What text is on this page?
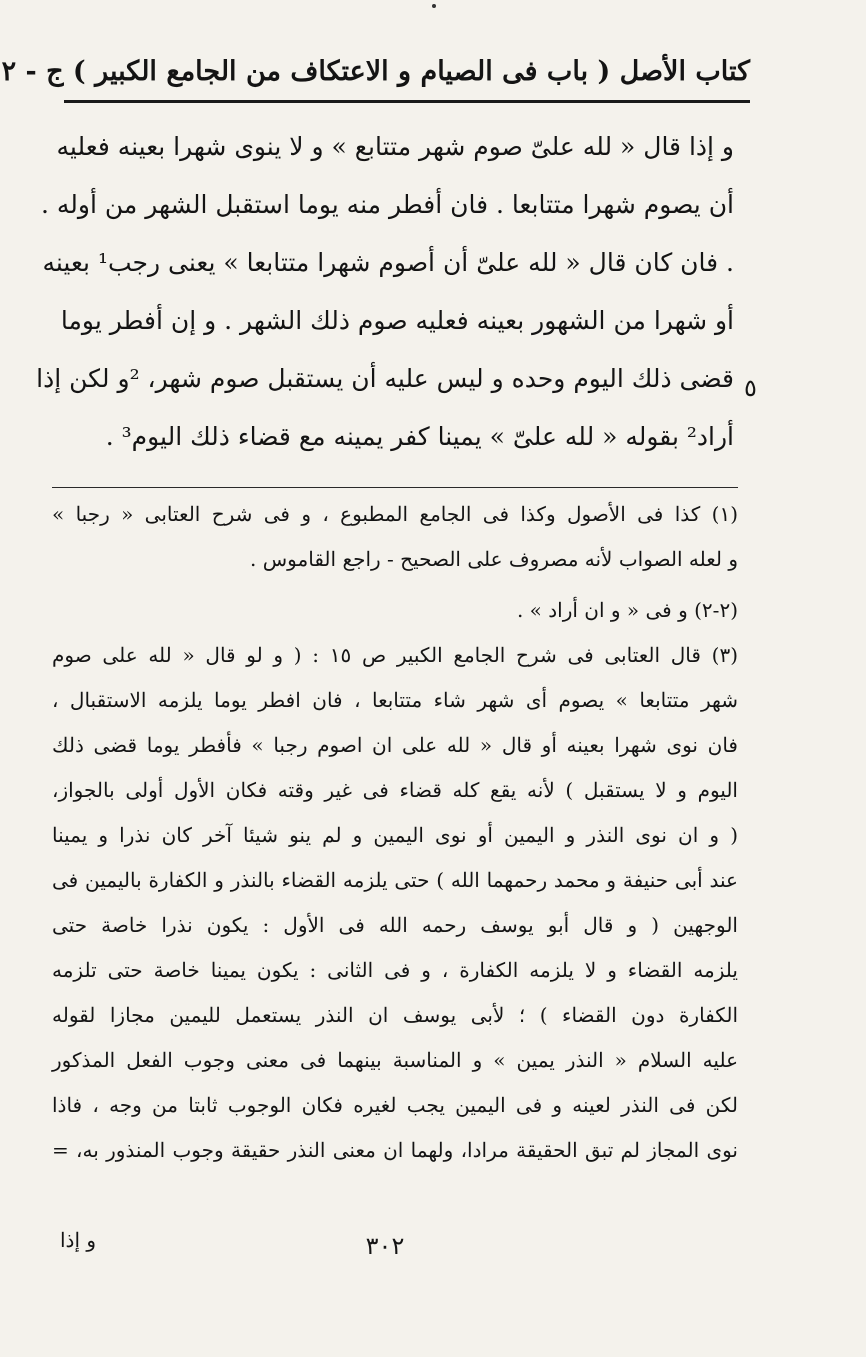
كتاب الأصل ( باب فى الصيام و الاعتكاف من الجامع الكبير ) ج - ٢
و إذا قال « لله علىّ صوم شهر متتابع » و لا ينوى شهرا بعينه فعليه
أن يصوم شهرا متتابعا . فان أفطر منه يوما استقبل الشهر من أوله .
. فان كان قال « لله علىّ أن أصوم شهرا متتابعا » يعنى رجب¹ بعينه
أو شهرا من الشهور بعينه فعليه صوم ذلك الشهر . و إن أفطر يوما
قضى ذلك اليوم وحده و ليس عليه أن يستقبل صوم شهر، ²و لكن إذا
أراد² بقوله « لله علىّ » يمينا كفر يمينه مع قضاء ذلك اليوم³ .
٥
(١) كذا فى الأصول وكذا فى الجامع المطبوع ، و فى شرح العتابى « رجبا »
و لعله الصواب لأنه مصروف على الصحيح - راجع القاموس .
(٢-٢) و فى « و ان أراد » .
(٣) قال العتابى فى شرح الجامع الكبير ص ١٥ : ( و لو قال « لله على صوم
شهر متتابعا » يصوم أى شهر شاء متتابعا ، فان افطر يوما يلزمه الاستقبال ،
فان نوى شهرا بعينه أو قال « لله على ان اصوم رجبا » فأفطر يوما قضى ذلك
اليوم و لا يستقبل ) لأنه يقع كله قضاء فى غير وقته فكان الأول أولى بالجواز،
( و ان نوى النذر و اليمين أو نوى اليمين و لم ينو شيئا آخر كان نذرا و يمينا
عند أبى حنيفة و محمد رحمهما الله ) حتى يلزمه القضاء بالنذر و الكفارة باليمين فى
الوجهين ( و قال أبو يوسف رحمه الله فى الأول : يكون نذرا خاصة حتى
يلزمه القضاء و لا يلزمه الكفارة ، و فى الثانى : يكون يمينا خاصة حتى تلزمه
الكفارة دون القضاء ) ؛ لأبى يوسف ان النذر يستعمل لليمين مجازا لقوله
عليه السلام « النذر يمين » و المناسبة بينهما فى معنى وجوب الفعل المذكور
لكن فى النذر لعينه و فى اليمين يجب لغيره فكان الوجوب ثابتا من وجه ، فاذا
نوى المجاز لم تبق الحقيقة مرادا، ولهما ان معنى النذر حقيقة وجوب المنذور به، =
٣٠٢
و إذا
